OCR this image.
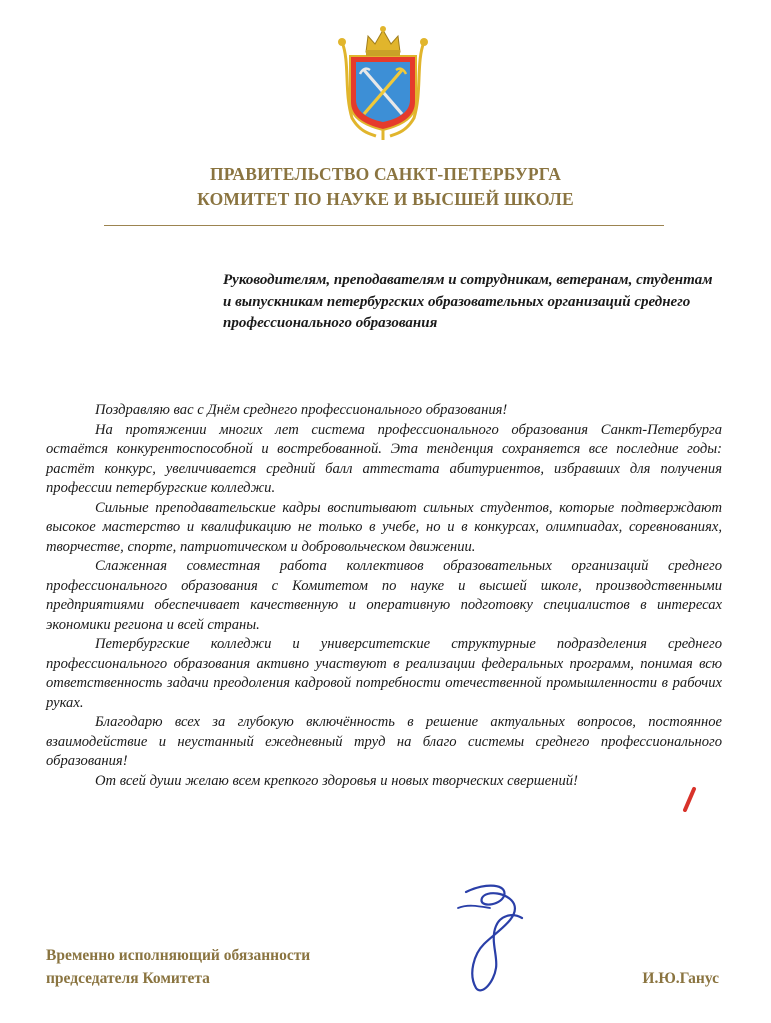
ПРАВИТЕЛЬСТВО САНКТ-ПЕТЕРБУРГА
КОМИТЕТ ПО НАУКЕ И ВЫСШЕЙ ШКОЛЕ
Руководителям, преподавателям и сотрудникам, ветеранам, студентам и выпускникам петербургских образовательных организаций среднего профессионального образования

Поздравляю вас с Днём среднего профессионального образования!

На протяжении многих лет система профессионального образования Санкт-Петербурга остаётся конкурентоспособной и востребованной. Эта тенденция сохраняется все последние годы: растёт конкурс, увеличивается средний балл аттестата абитуриентов, избравших для получения профессии петербургские колледжи.

Сильные преподавательские кадры воспитывают сильных студентов, которые подтверждают высокое мастерство и квалификацию не только в учебе, но и в конкурсах, олимпиадах, соревнованиях, творчестве, спорте, патриотическом и добровольческом движении.

Слаженная совместная работа коллективов образовательных организаций среднего профессионального образования с Комитетом по науке и высшей школе, производственными предприятиями обеспечивает качественную и оперативную подготовку специалистов в интересах экономики региона и всей страны.

Петербургские колледжи и университетские структурные подразделения среднего профессионального образования активно участвуют в реализации федеральных программ, понимая всю ответственность задачи преодоления кадровой потребности отечественной промышленности в рабочих руках.

Благодарю всех за глубокую включённость в решение актуальных вопросов, постоянное взаимодействие и неустанный ежедневный труд на благо системы среднего профессионального образования!

От всей души желаю всем крепкого здоровья и новых творческих свершений!

Временно исполняющий обязанности
председателя Комитета	И.Ю.Ганус
